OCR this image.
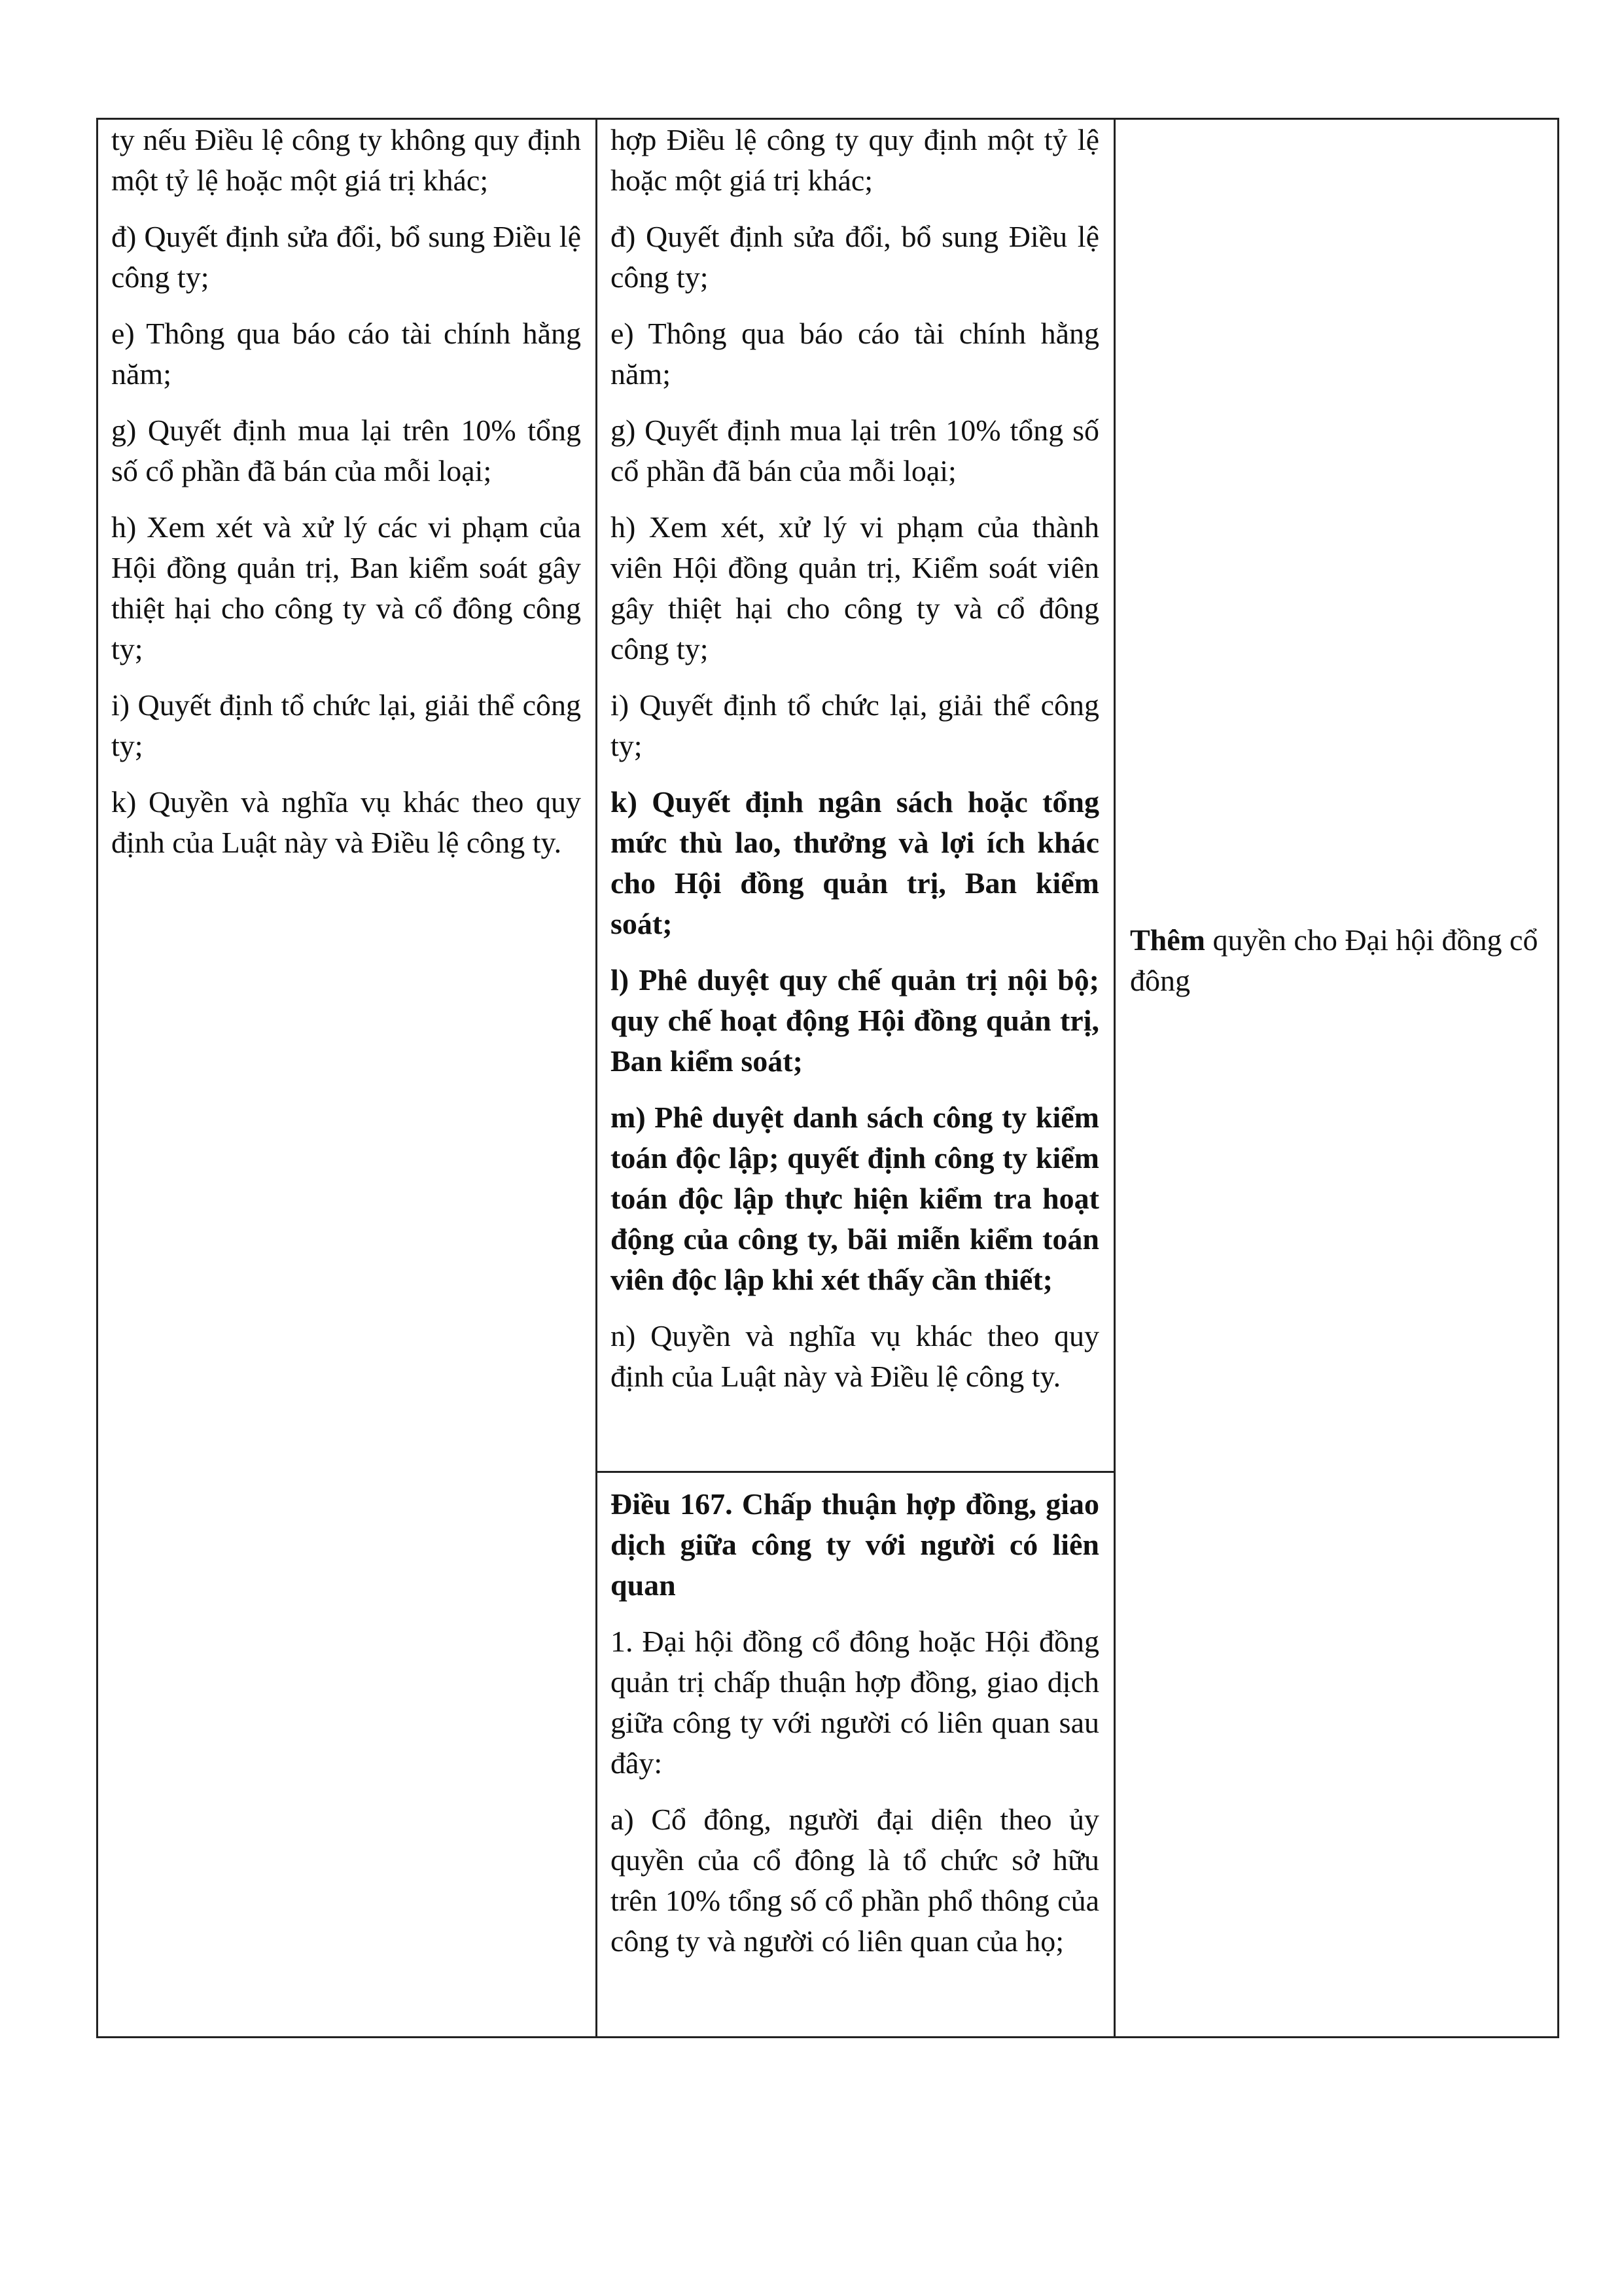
ty nếu Điều lệ công ty không quy định một tỷ lệ hoặc một giá trị khác;

đ) Quyết định sửa đổi, bổ sung Điều lệ công ty;

e) Thông qua báo cáo tài chính hằng năm;

g) Quyết định mua lại trên 10% tổng số cổ phần đã bán của mỗi loại;

h) Xem xét và xử lý các vi phạm của Hội đồng quản trị, Ban kiểm soát gây thiệt hại cho công ty và cổ đông công ty;

i) Quyết định tổ chức lại, giải thể công ty;

k) Quyền và nghĩa vụ khác theo quy định của Luật này và Điều lệ công ty.

hợp Điều lệ công ty quy định một tỷ lệ hoặc một giá trị khác;

đ) Quyết định sửa đổi, bổ sung Điều lệ công ty;

e) Thông qua báo cáo tài chính hằng năm;

g) Quyết định mua lại trên 10% tổng số cổ phần đã bán của mỗi loại;

h) Xem xét, xử lý vi phạm của thành viên Hội đồng quản trị, Kiểm soát viên gây thiệt hại cho công ty và cổ đông công ty;

i) Quyết định tổ chức lại, giải thể công ty;

k) Quyết định ngân sách hoặc tổng mức thù lao, thưởng và lợi ích khác cho Hội đồng quản trị, Ban kiểm soát;

l) Phê duyệt quy chế quản trị nội bộ; quy chế hoạt động Hội đồng quản trị, Ban kiểm soát;

m) Phê duyệt danh sách công ty kiểm toán độc lập; quyết định công ty kiểm toán độc lập thực hiện kiểm tra hoạt động của công ty, bãi miễn kiểm toán viên độc lập khi xét thấy cần thiết;

n) Quyền và nghĩa vụ khác theo quy định của Luật này và Điều lệ công ty.

Điều 167. Chấp thuận hợp đồng, giao dịch giữa công ty với người có liên quan

1. Đại hội đồng cổ đông hoặc Hội đồng quản trị chấp thuận hợp đồng, giao dịch giữa công ty với người có liên quan sau đây:

a) Cổ đông, người đại diện theo ủy quyền của cổ đông là tổ chức sở hữu trên 10% tổng số cổ phần phổ thông của công ty và người có liên quan của họ;

Thêm quyền cho Đại hội đồng cổ đông
